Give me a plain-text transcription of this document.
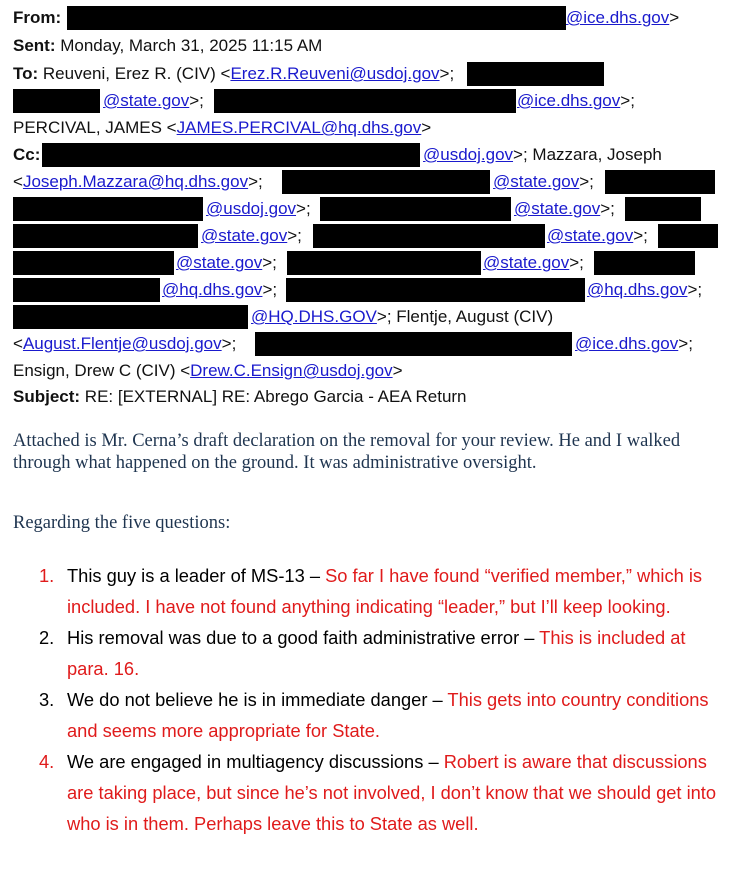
From:	@ice.dhs.gov>
Sent: Monday, March 31, 2025 11:15 AM
To: Reuveni, Erez R. (CIV) <Erez.R.Reuveni@usdoj.gov>;
@state.gov>;	@ice.dhs.gov>;
PERCIVAL, JAMES <JAMES.PERCIVAL@hq.dhs.gov>
Cc:	@usdoj.gov>; Mazzara, Joseph
<Joseph.Mazzara@hq.dhs.gov>;	@state.gov>;
@usdoj.gov>;	@state.gov>;
@state.gov>;	@state.gov>;
@state.gov>;	@state.gov>;
@hq.dhs.gov>;	@hq.dhs.gov>;
@HQ.DHS.GOV>; Flentje, August (CIV)
<August.Flentje@usdoj.gov>;	@ice.dhs.gov>;
Ensign, Drew C (CIV) <Drew.C.Ensign@usdoj.gov>
Subject: RE: [EXTERNAL] RE: Abrego Garcia - AEA Return

Attached is Mr. Cerna’s draft declaration on the removal for your review. He and I walked through what happened on the ground. It was administrative oversight.

Regarding the five questions:

1. This guy is a leader of MS-13 – So far I have found “verified member,” which is included. I have not found anything indicating “leader,” but I’ll keep looking.
2. His removal was due to a good faith administrative error – This is included at para. 16.
3. We do not believe he is in immediate danger – This gets into country conditions and seems more appropriate for State.
4. We are engaged in multiagency discussions – Robert is aware that discussions are taking place, but since he’s not involved, I don’t know that we should get into who is in them. Perhaps leave this to State as well.
